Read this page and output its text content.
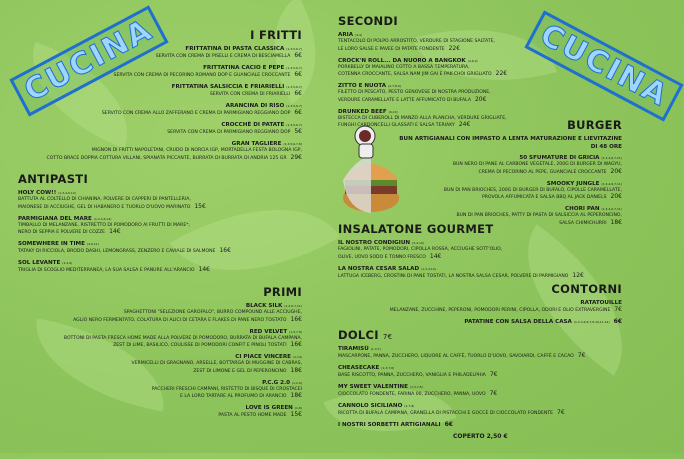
CUCINA	CUCINA
I FRITTI
FRITTATINA DI PASTA CLASSICA (1,3,5,6,7)
SERVITA CON CREMA DI PISELLI E CREMA DI BESCIAMELLA 6€
FRITTATINA CACIO E PEPE (1,3,5,6,7)
SERVITA CON CREMA DI PECORINO ROMANO DOP E GUANCIALE CROCCANTE 6€
FRITTATINA SALSICCIA E FRIARIELLI (1,3,5,6,7)
SERVITA CON CREMA DI FRIARIELLI 6€
ARANCINA DI RISO (1,3,5,6,7)
SERVITO CON CREMA ALLO ZAFFERANO E CREMA DI PARMIGIANO REGGIANO DOP 6€
CROCCHÈ DI PATATE (1,3,5,6,7)
SERVITA CON CREMA DI PARMIGIANO REGGIANO DOP 5€
GRAN TAGLIERE (1,3,5,6,7,8)
MIGNON DI FRITTI NAPOLETANI, CRUDO DI NORCIA IGP, MORTADELLA FESTA BOLOGNA IGP,
COTTO BRACE DOPPIA COTTURA VILLANI, SPIANATA PICCANTE, BURRATA DI BURRATA DI ANDRIA 125 GR 29€
ANTIPASTI
HOLY COW!! (1,3,4,6,10)
BATTUTA AL COLTELLO DI CHIANINA, POLVERE DI CAPPERI DI PANTELLERIA,
MAIONESE DI ACCIUGHE, GEL DI HABANERO E TUORLO D'UOVO MARINATO 15€
PARMIGIANA DEL MARE (1,2,4,6,14)
TIMBALLO DI MELANZANE, RISTRETTO DI POMODORO AI FRUTTI DI MARE*,
NERO DI SEPPIA E POLVERE DI COZZE 14€
SOMEWHERE IN TIME (4,6,11)
TATAKY DI RICCIOLA, BRODO DASHI, LEMONGRASS, ZENZERO E CAVIALE DI SALMONE 16€
SOL LEVANTE (1,4,9)
TRIGLIA DI SCOGLIO MEDITERRANEA, LA SUA SALSA E PANURE ALL'ARANCIO 14€
PRIMI
BLACK SILK (1,4,6,7,11)
SPAGHETTONI "SELEZIONE GAROFALO", BURRO COMPOUND ALLE ACCIUGHE,
AGLIO NERO FERMENTATO, COLATURA DI ALICI DI CETARA E FLAKES DI PANE NERO TOSTATO 16€
RED VELVET (1,5,7,8)
BOTTONI DI PASTA FRESCA HOME MADE ALLA POLVERE DI POMODORO, BURRATA DI BUFALA CAMPANA,
ZEST DI LIME, BASILICO, COULISSE DI POMODORI CONFIT E PINOLI TOSTATI 16€
CI PIACE VINCERE (1,14)
VERMICELLI DI GRAGNANO, ARSELLE, BOTTARGA DI MUGGINE DI CABRAS,
ZEST DI LIMONE E GEL DI PEPERONCINO 18€
P.C.G 2.0 (1,2,9)
PACCHERI FRESCHI CAMPANI, RISTETTO DI BISQUE DI CROSTACEI
E LA LORO TARTARE AL PROFUMO DI ARANCIO 18€
LOVE IS GREEN (1,8)
PASTA AL PESTO HOME MADE 15€
SECONDI
ARIA (4,9)
TENTACOLO DI POLPO ARROSTITO, VERDURE DI STAGIONE SALTATE,
LE LORO SALSE E PAVEE DI PATATE FONDENTE 22€
CROCK'N ROLL... DA NUORO A BANGKOK (4,6,9)
PORKBELLY DI MAIALINO COTTO A BASSA TEMPERATURA,
COTENNA CROCCANTE, SALSA NAM JIM GAI E PAK-CHOI GRIGLIATO 22€
ZITTO E NUOTA (4,7,8,9)
FILETTO DI PESCATO, PESTO GENOVESE DI NOSTRA PRODUZIONE,
VERDURE CARAMELLATE E LATTE AFFUMICATO DI BUFALA 20€
DRUNKED BEEF (6,10)
BISTECCA DI CUBEROLL DI MANZO ALLA PLANCHA, VERDURE GRIGLIATE,
FUNGHI CARDONCELLI GLASSATI E SALSA TERIAKY 24€	BURGER
BUN ARTIGIANALI CON IMPASTO A LENTA MATURAZIONE E LIEVITAZINE DI 48 ORE
50 SFUMATURE DI GRICIA (1,3,4,6,7,11)
BUN NERO DI PANE AL CARBONE VEGETALE, 200G DI BURGER DI WAGYU,
CREMA DI PECORINO AL PEPE, GUANCIALE CROCCANTE 20€
SMOOKY JUNGLE (1,3,4,6,7,11)
BUN DI PAN BRIOCHES, 200G DI BURGER DI BUFALO, CIPOLLE CARAMELLATE,
PROVOLA AFFUMICATA E SALSA BBQ AL JACK DANIELS 20€
CHORI PAN (1,3,4,6,7,11)
BUN DI PAN BRIOCHES, PATTY DI PASTA DI SALSICCIA AL PEPERONCINO,
SALSA CHIMICHURRI 18€
INSALATONE GOURMET
IL NOSTRO CONDIGIUN (3,4,10)
FAGIOLINI, PATATE, POMODORI, CIPOLLA ROSSA, ACCIUGHE SOTT'OLIO,
OLIVE, UOVO SODO E TONNO FRESCO 14€
LA NOSTRA CESAR SALAD (1,3,4,10)
LATTUGA ICEBERG, CROSTINI DI PANE TOSTATI, LA NOSTRA SALSA CESAR, POLVERE DI PARMIGIANO 12€
CONTORNI
RATATOUILLE
MELANZANE, ZUCCHINE, PEPERONI, POMODORI PERINI, CIPOLLA, ODORI E OLIO EXTRAVERGINE 7€
PATATINE CON SALSA DELLA CASA (1,2,3,4,6,7,8,10,11,14) 6€
DOLCI 7€
TIRAMISÙ (1,3,7)
MASCARPONE, PANNA, ZUCCHERO, LIQUORE AL CAFFÈ, TUORLO D'UOVO, SAVOIARDI, CAFFÈ E CACAO 7€
CHEASECAKE (1,3,7,8)
BASE RISCOTTO, PANNA, ZUCCHERO, VANIGLIA E PHILADELPHIA 7€
MY SWEET VALENTINE (1,3,7,8)
CIOCCOLATO FONDENTE, FARINA 00, ZUCCHERO, PANNA, UOVO 7€
CANNOLO SICILIANO (1,7,8)
RICOTTA DI BUFALA CAMPANA, GRANELLA DI PISTACCHI E GOCCE DI CIOCCOLATO FONDENTE 7€
I NOSTRI SORBETTI ARTIGIANALI 6€
COPERTO 2,50 €
